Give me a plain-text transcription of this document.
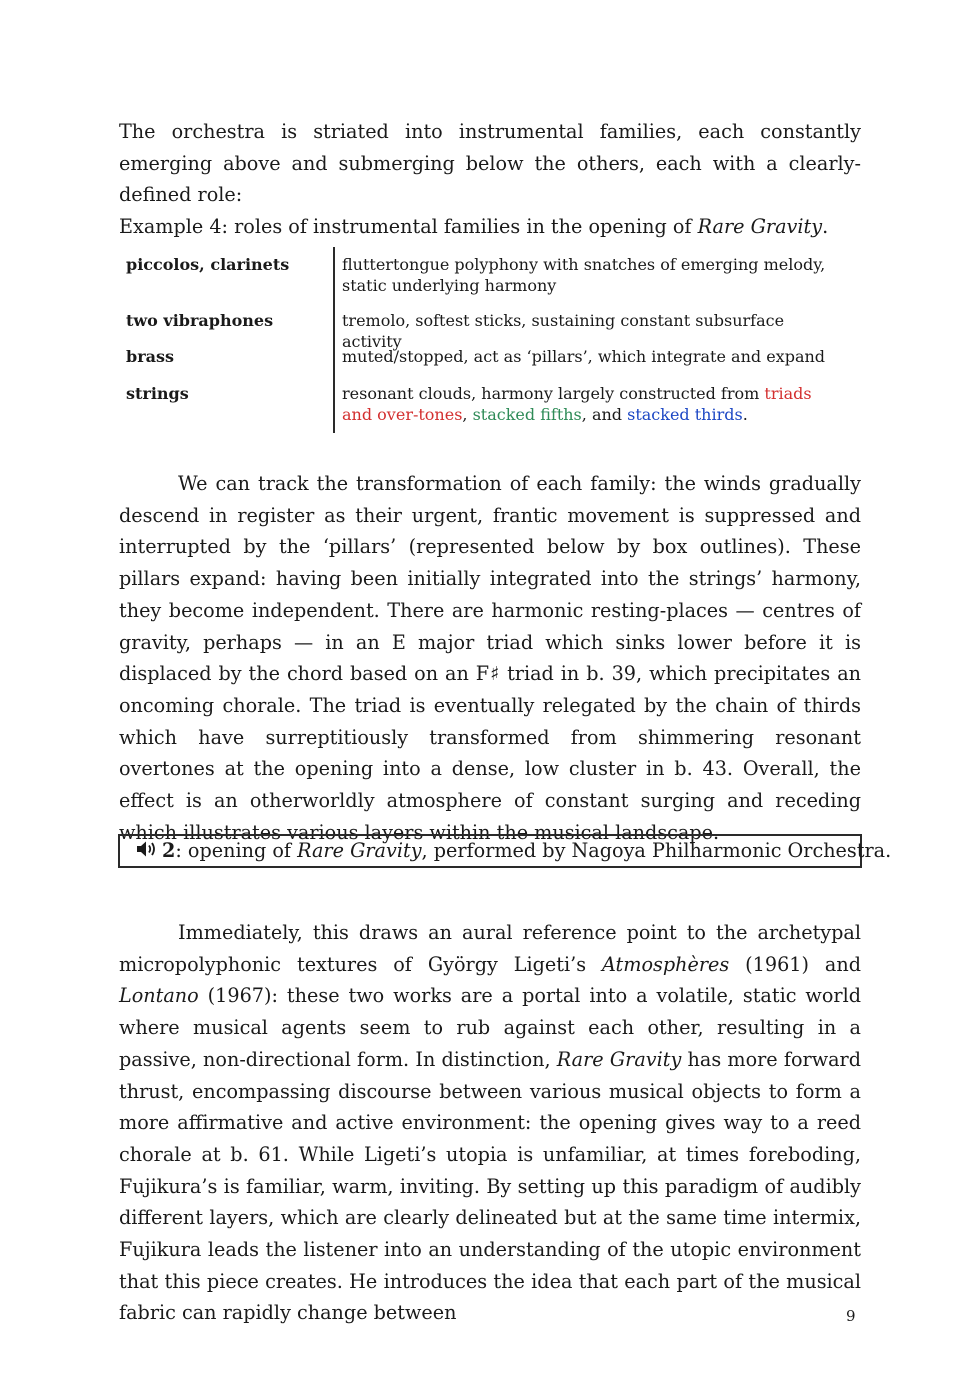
The orchestra is striated into instrumental families, each constantly emerging above and submerging below the others, each with a clearly-defined role:

Example 4: roles of instrumental families in the opening of Rare Gravity.

piccolos, clarinets	fluttertongue polyphony with snatches of emerging melody, static underlying harmony
two vibraphones	tremolo, softest sticks, sustaining constant subsurface activity
brass	muted/stopped, act as ‘pillars’, which integrate and expand
strings	resonant clouds, harmony largely constructed from triads and over-tones, stacked fifths, and stacked thirds.

We can track the transformation of each family: the winds gradually descend in register as their urgent, frantic movement is suppressed and interrupted by the ‘pillars’ (represented below by box outlines). These pillars expand: having been initially integrated into the strings’ harmony, they become independent. There are harmonic resting-places — centres of gravity, perhaps — in an E major triad which sinks lower before it is displaced by the chord based on an F♯ triad in b. 39, which precipitates an oncoming chorale. The triad is eventually relegated by the chain of thirds which have surreptitiously transformed from shimmering resonant overtones at the opening into a dense, low cluster in b. 43. Overall, the effect is an otherworldly atmosphere of constant surging and receding which illustrates various layers within the musical landscape.

2: opening of Rare Gravity, performed by Nagoya Philharmonic Orchestra.

Immediately, this draws an aural reference point to the archetypal micropolyphonic textures of György Ligeti’s Atmosphères (1961) and Lontano (1967): these two works are a portal into a volatile, static world where musical agents seem to rub against each other, resulting in a passive, non-directional form. In distinction, Rare Gravity has more forward thrust, encompassing discourse between various musical objects to form a more affirmative and active environment: the opening gives way to a reed chorale at b. 61. While Ligeti’s utopia is unfamiliar, at times foreboding, Fujikura’s is familiar, warm, inviting. By setting up this paradigm of audibly different layers, which are clearly delineated but at the same time intermix, Fujikura leads the listener into an understanding of the utopic environment that this piece creates. He introduces the idea that each part of the musical fabric can rapidly change between	9
